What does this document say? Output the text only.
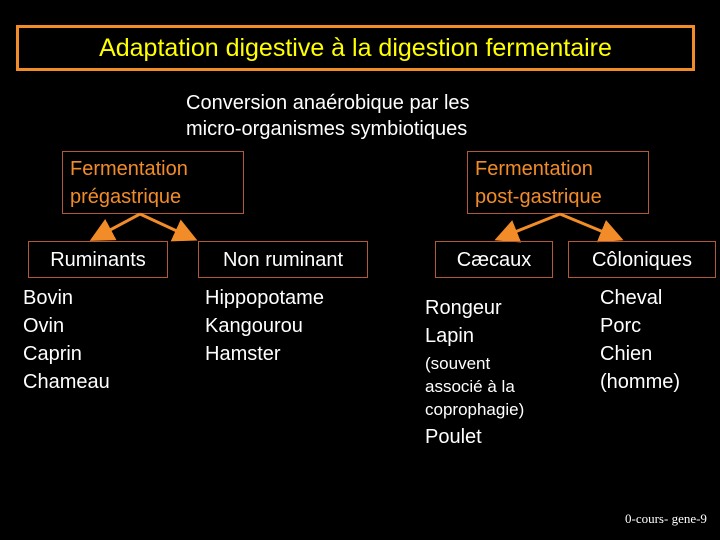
Adaptation digestive à la digestion fermentaire
Conversion anaérobique par les
micro-organismes symbiotiques
Fermentation
prégastrique
Fermentation
post-gastrique
Ruminants	Non ruminant	Cæcaux	Côloniques
Bovin
Ovin
Caprin
Chameau
Hippopotame
Kangourou
Hamster
Rongeur
Lapin
(souvent
associé à la
coprophagie)
Poulet
Cheval
Porc
Chien
(homme)
0-cours- gene-9
